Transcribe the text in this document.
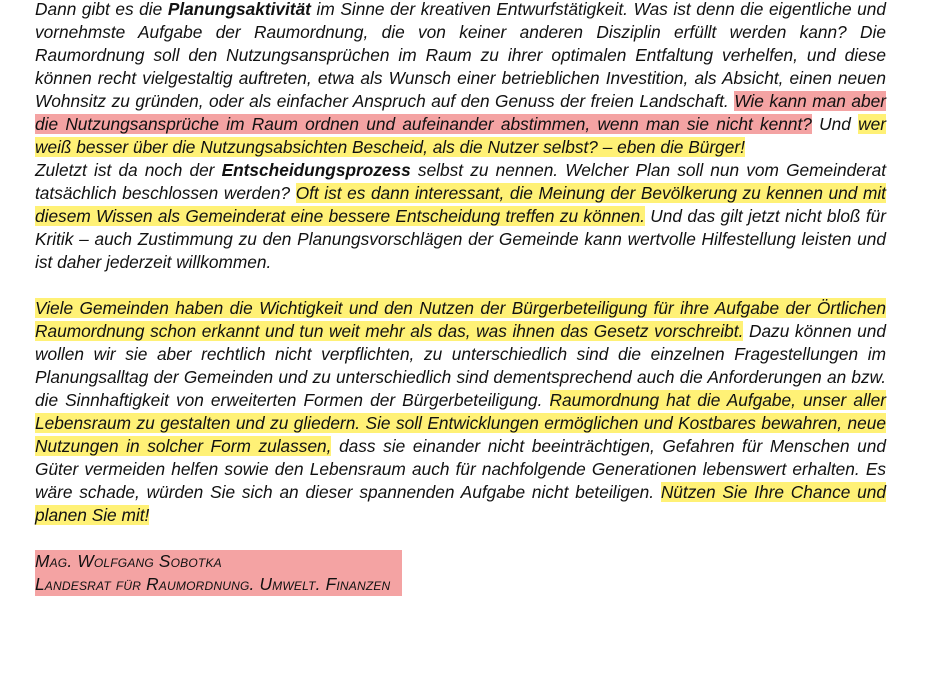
Dann gibt es die Planungsaktivität im Sinne der kreativen Entwurfstätigkeit. Was ist denn die eigentliche und vornehmste Aufgabe der Raumordnung, die von keiner anderen Disziplin erfüllt werden kann? Die Raumordnung soll den Nutzungsansprüchen im Raum zu ihrer optimalen Entfaltung verhelfen, und diese können recht vielgestaltig auftreten, etwa als Wunsch einer betrieblichen Investition, als Absicht, einen neuen Wohnsitz zu gründen, oder als einfacher Anspruch auf den Genuss der freien Landschaft. Wie kann man aber die Nutzungsansprüche im Raum ordnen und aufeinander abstimmen, wenn man sie nicht kennt? Und wer weiß besser über die Nutzungsabsichten Bescheid, als die Nutzer selbst? – eben die Bürger!
Zuletzt ist da noch der Entscheidungsprozess selbst zu nennen. Welcher Plan soll nun vom Gemeinderat tatsächlich beschlossen werden? Oft ist es dann interessant, die Meinung der Bevölkerung zu kennen und mit diesem Wissen als Gemeinderat eine bessere Entscheidung treffen zu können. Und das gilt jetzt nicht bloß für Kritik – auch Zustimmung zu den Planungsvorschlägen der Gemeinde kann wertvolle Hilfestellung leisten und ist daher jederzeit willkommen.

Viele Gemeinden haben die Wichtigkeit und den Nutzen der Bürgerbeteiligung für ihre Aufgabe der Örtlichen Raumordnung schon erkannt und tun weit mehr als das, was ihnen das Gesetz vorschreibt. Dazu können und wollen wir sie aber rechtlich nicht verpflichten, zu unterschiedlich sind die einzelnen Fragestellungen im Planungsalltag der Gemeinden und zu unterschiedlich sind dementsprechend auch die Anforderungen an bzw. die Sinnhaftigkeit von erweiterten Formen der Bürgerbeteiligung. Raumordnung hat die Aufgabe, unser aller Lebensraum zu gestalten und zu gliedern. Sie soll Entwicklungen ermöglichen und Kostbares bewahren, neue Nutzungen in solcher Form zulassen, dass sie einander nicht beeinträchtigen, Gefahren für Menschen und Güter vermeiden helfen sowie den Lebensraum auch für nachfolgende Generationen lebenswert erhalten. Es wäre schade, würden Sie sich an dieser spannenden Aufgabe nicht beteiligen. Nützen Sie Ihre Chance und planen Sie mit!

Mag. Wolfgang Sobotka
Landesrat für Raumordnung. Umwelt. Finanzen
